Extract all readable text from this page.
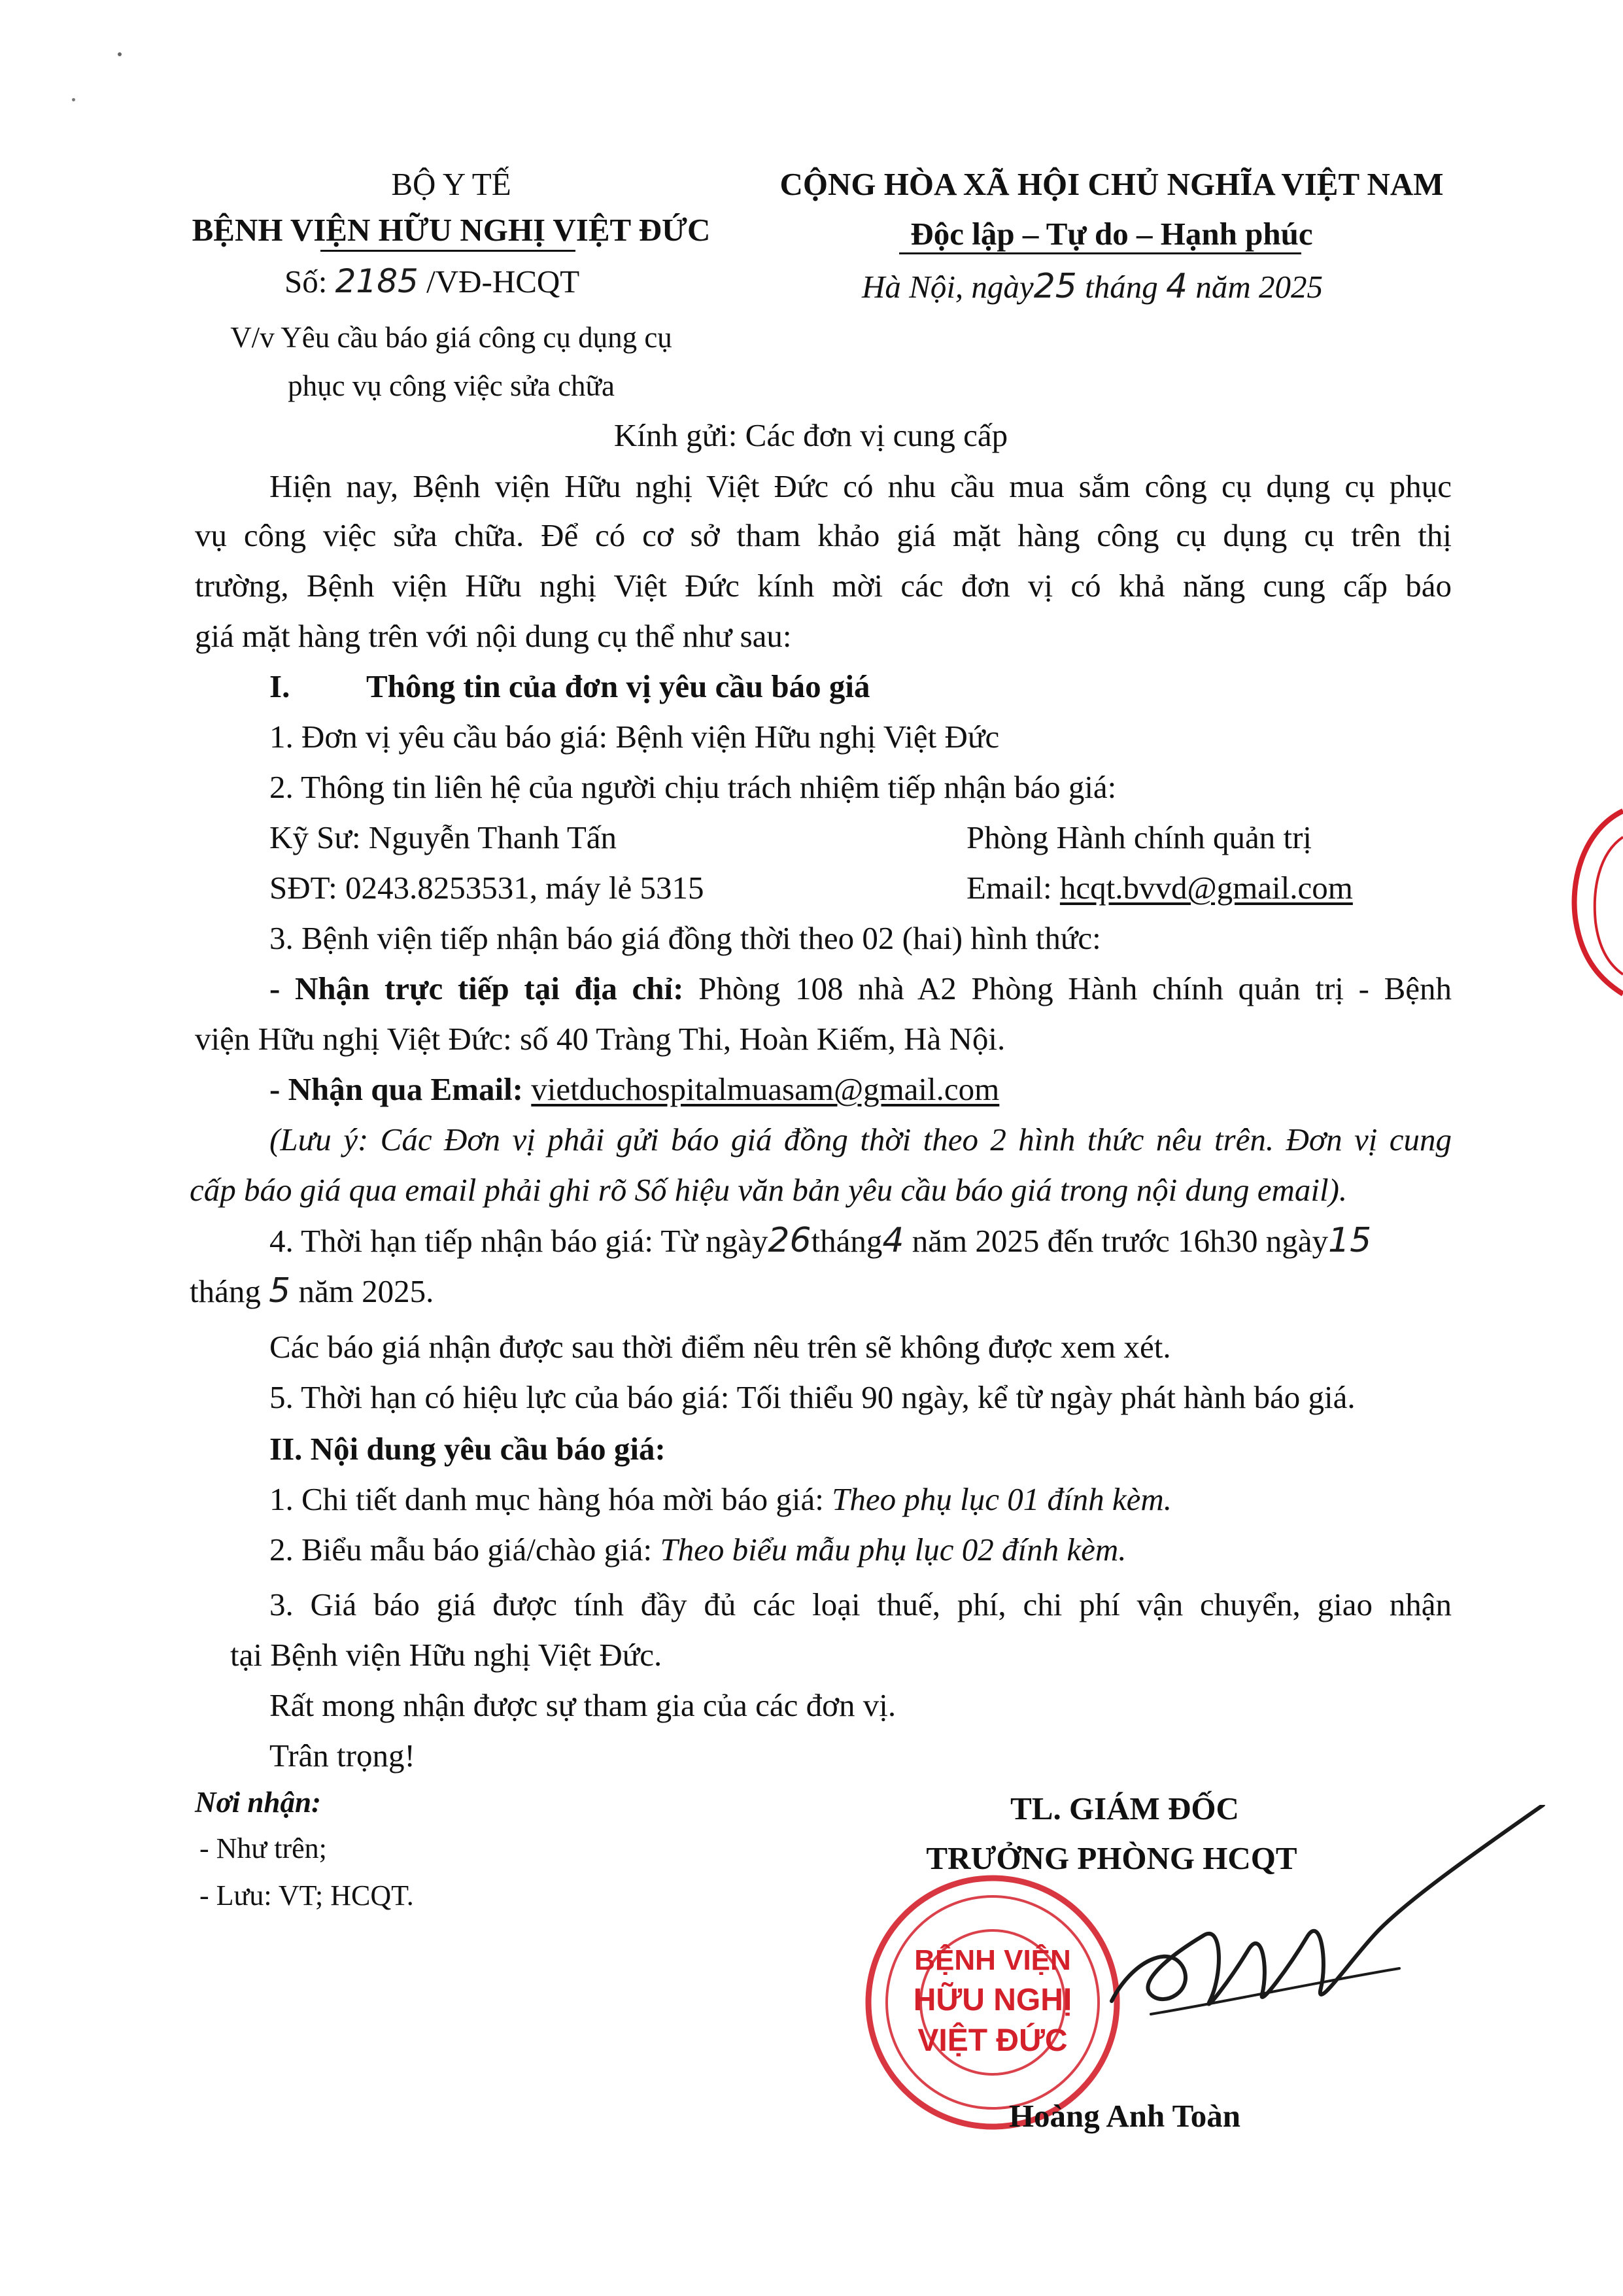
BỘ Y TẾ
BỆNH VIỆN HỮU NGHỊ VIỆT ĐỨC
Số: 2185 /VĐ-HCQT
V/v Yêu cầu báo giá công cụ dụng cụ
phục vụ công việc sửa chữa
CỘNG HÒA XÃ HỘI CHỦ NGHĨA VIỆT NAM
Độc lập – Tự do – Hạnh phúc
Hà Nội, ngày25 tháng 4 năm 2025
Kính gửi: Các đơn vị cung cấp
Hiện nay, Bệnh viện Hữu nghị Việt Đức có nhu cầu mua sắm công cụ dụng cụ phục
vụ công việc sửa chữa. Để có cơ sở tham khảo giá mặt hàng công cụ dụng cụ trên thị
trường, Bệnh viện Hữu nghị Việt Đức kính mời các đơn vị có khả năng cung cấp báo
giá mặt hàng trên với nội dung cụ thể như sau:
I. Thông tin của đơn vị yêu cầu báo giá
1. Đơn vị yêu cầu báo giá: Bệnh viện Hữu nghị Việt Đức
2. Thông tin liên hệ của người chịu trách nhiệm tiếp nhận báo giá:
Kỹ Sư: Nguyễn Thanh Tấn	Phòng Hành chính quản trị
SĐT: 0243.8253531, máy lẻ 5315	Email: hcqt.bvvd@gmail.com
3. Bệnh viện tiếp nhận báo giá đồng thời theo 02 (hai) hình thức:
- Nhận trực tiếp tại địa chỉ: Phòng 108 nhà A2 Phòng Hành chính quản trị - Bệnh
viện Hữu nghị Việt Đức: số 40 Tràng Thi, Hoàn Kiếm, Hà Nội.
- Nhận qua Email: vietduchospitalmuasam@gmail.com
(Lưu ý: Các Đơn vị phải gửi báo giá đồng thời theo 2 hình thức nêu trên. Đơn vị cung
cấp báo giá qua email phải ghi rõ Số hiệu văn bản yêu cầu báo giá trong nội dung email).
4. Thời hạn tiếp nhận báo giá: Từ ngày26tháng4 năm 2025 đến trước 16h30 ngày15
tháng 5 năm 2025.
Các báo giá nhận được sau thời điểm nêu trên sẽ không được xem xét.
5. Thời hạn có hiệu lực của báo giá: Tối thiểu 90 ngày, kể từ ngày phát hành báo giá.
II. Nội dung yêu cầu báo giá:
1. Chi tiết danh mục hàng hóa mời báo giá: Theo phụ lục 01 đính kèm.
2. Biểu mẫu báo giá/chào giá: Theo biểu mẫu phụ lục 02 đính kèm.
3. Giá báo giá được tính đầy đủ các loại thuế, phí, chi phí vận chuyển, giao nhận
tại Bệnh viện Hữu nghị Việt Đức.
Rất mong nhận được sự tham gia của các đơn vị.
Trân trọng!
Nơi nhận:
- Như trên;
- Lưu: VT; HCQT.
TL. GIÁM ĐỐC
TRƯỞNG PHÒNG HCQT
BỆNH VIỆN
HỮU NGHỊ
VIỆT ĐỨC
Hoàng Anh Toàn
